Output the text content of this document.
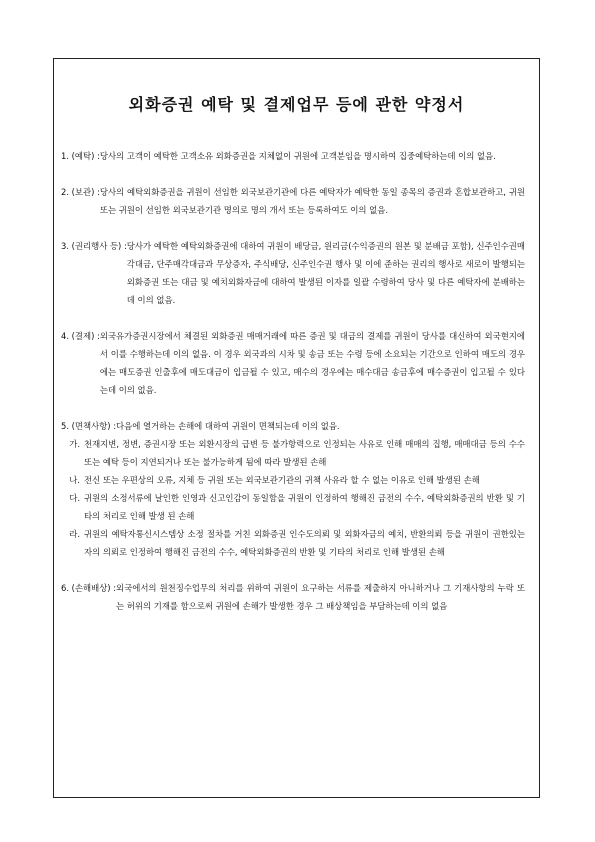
외화증권 예탁 및 결제업무 등에 관한 약정서
1. (예탁) : 당사의 고객이 예탁한 고객소유 외화증권을 지체없이 귀원에 고객분임을 명시하여 집중예탁하는데 이의 없음.
2. (보관) : 당사의 예탁외화증권을 귀원이 선임한 외국보관기관에 다른 예탁자가 예탁한 동일 종목의 증권과 혼합보관하고, 귀원 또는 귀원이 선임한 외국보관기관 명의로 명의 개서 또는 등록하여도 이의 없음.
3. (권리행사 등) : 당사가 예탁한 예탁외화증권에 대하여 귀원이 배당금, 원리금(수익증권의 원본 및 분배금 포함), 신주인수권매각대금, 단주매각대금과 무상증자, 주식배당, 신주인수권 행사 및 이에 준하는 권리의 행사로 새로이 발행되는 외화증권 또는 대금 및 예치외화자금에 대하여 발생된 이자를 일괄 수령하여 당사 및 다른 예탁자에 분배하는데 이의 없음.
4. (결제) : 외국유가증권시장에서 체결된 외화증권 매매거래에 따른 증권 및 대금의 결제를 귀원이 당사를 대신하여 외국현지에서 이를 수행하는데 이의 없음. 이 경우 외국과의 시차 및 송금 또는 수령 등에 소요되는 기간으로 인하여 매도의 경우에는 매도증권 인출후에 매도대금이 입금될 수 있고, 매수의 경우에는 매수대금 송금후에 매수증권이 입고될 수 있다는데 이의 없음.
5. (면책사항) : 다음에 열거하는 손해에 대하여 귀원이 면책되는데 이의 없음.
가. 천재지변, 정변, 증권시장 또는 외환시장의 급변 등 불가항력으로 인정되는 사유로 인해 매매의 집행, 매매대금 등의 수수 또는 예탁 등이 지연되거나 또는 불가능하게 됨에 따라 발생된 손해
나. 전신 또는 우편상의 오류, 지체 등 귀원 또는 외국보관기관의 귀책 사유라 할 수 없는 이유로 인해 발생된 손해
다. 귀원의 소정서류에 날인한 인영과 신고인감이 동일함을 귀원이 인정하여 행해진 금전의 수수, 예탁외화증권의 반환 및 기타의 처리로 인해 발생 된 손해
라. 귀원의 예탁자통신시스템상 소정 절차를 거친 외화증권 인수도의뢰 및 외화자금의 예치, 반환의뢰 등을 귀원이 권한있는 자의 의뢰로 인정하여 행해진 금전의 수수, 예탁외화증권의 반환 및 기타의 처리로 인해 발생된 손해
6. (손해배상) : 외국에서의 원천징수업무의 처리를 위하여 귀원이 요구하는 서류를 제출하지 아니하거나 그 기재사항의 누락 또는 허위의 기재를 함으로써 귀원에 손해가 발생한 경우 그 배상책임을 부담하는데 이의 없음
